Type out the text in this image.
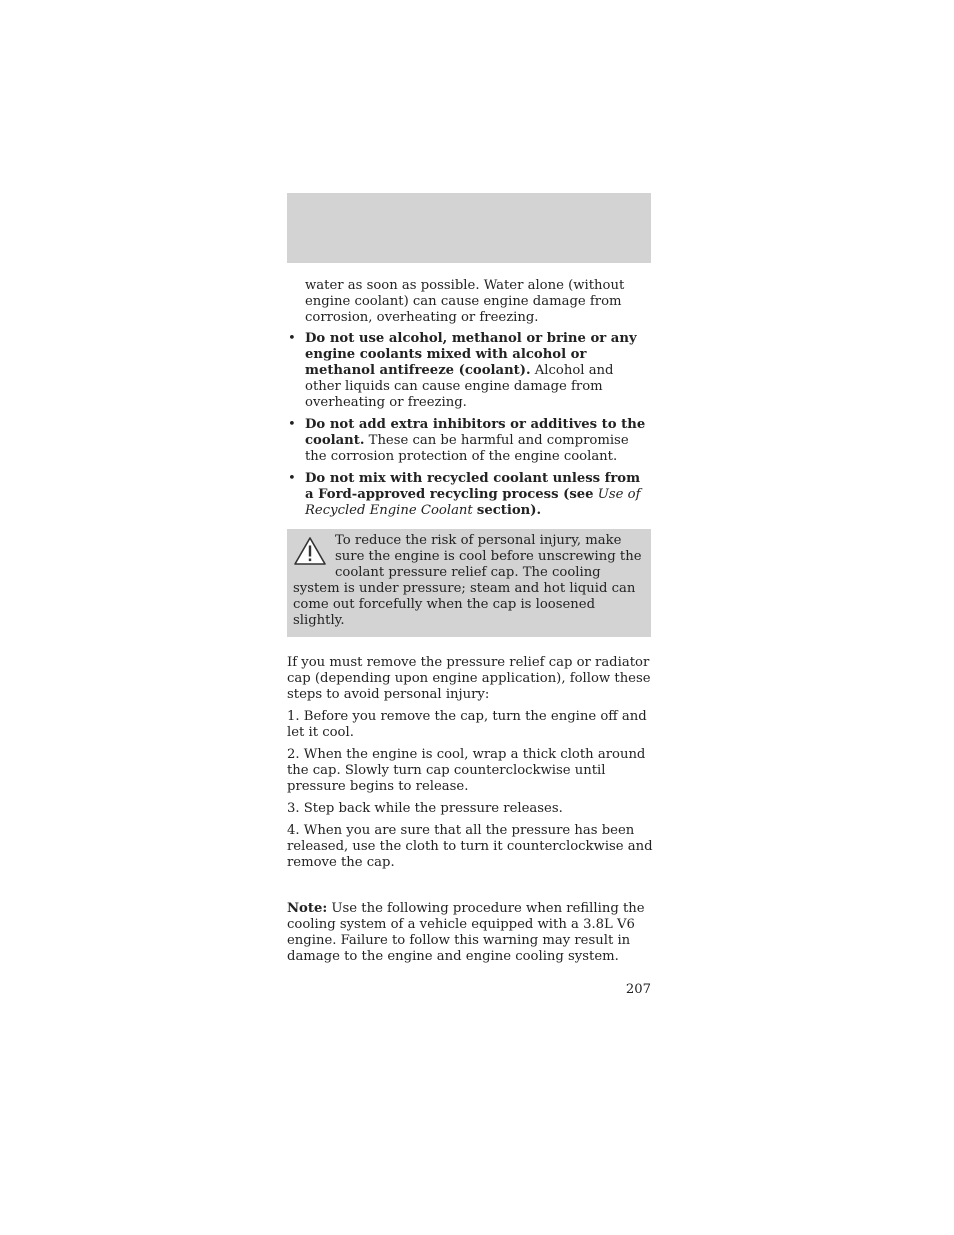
water as soon as possible. Water alone (without engine coolant) can cause engine damage from corrosion, overheating or freezing.

• Do not use alcohol, methanol or brine or any engine coolants mixed with alcohol or methanol antifreeze (coolant). Alcohol and other liquids can cause engine damage from overheating or freezing.
• Do not add extra inhibitors or additives to the coolant. These can be harmful and compromise the corrosion protection of the engine coolant.
• Do not mix with recycled coolant unless from a Ford-approved recycling process (see Use of Recycled Engine Coolant section).
To reduce the risk of personal injury, make sure the engine is cool before unscrewing the coolant pressure relief cap. The cooling system is under pressure; steam and hot liquid can come out forcefully when the cap is loosened slightly.

If you must remove the pressure relief cap or radiator cap (depending upon engine application), follow these steps to avoid personal injury:

1. Before you remove the cap, turn the engine off and let it cool.

2. When the engine is cool, wrap a thick cloth around the cap. Slowly turn cap counterclockwise until pressure begins to release.

3. Step back while the pressure releases.

4. When you are sure that all the pressure has been released, use the cloth to turn it counterclockwise and remove the cap.

Note: Use the following procedure when refilling the cooling system of a vehicle equipped with a 3.8L V6 engine. Failure to follow this warning may result in damage to the engine and engine cooling system.

207
